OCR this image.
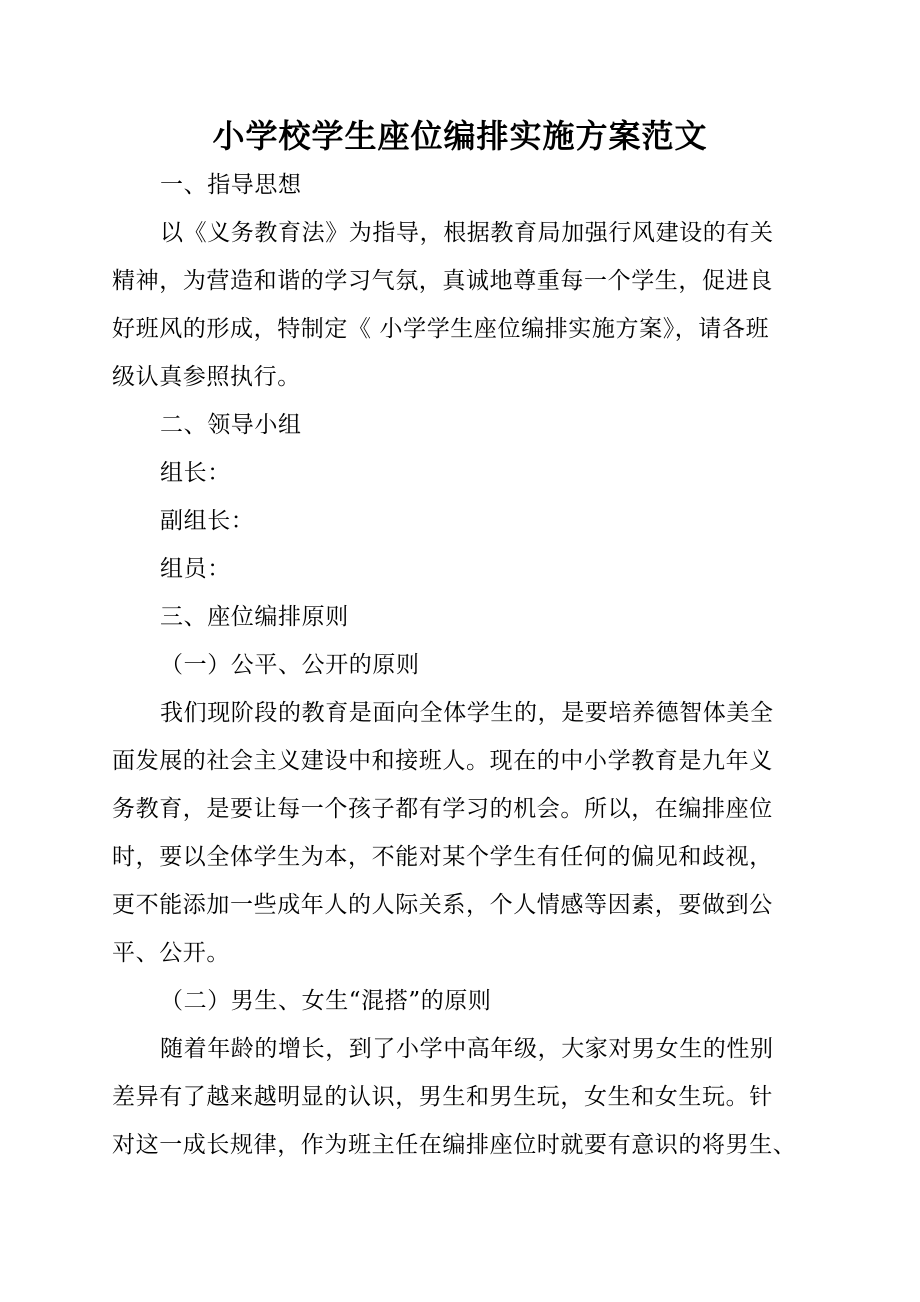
小学校学生座位编排实施方案范文
一、指导思想
以《义务教育法》为指导，根据教育局加强行风建设的有关
精神，为营造和谐的学习气氛，真诚地尊重每一个学生，促进良
好班风的形成，特制定《 小学学生座位编排实施方案》，请各班
级认真参照执行。
二、领导小组
组长：
副组长：
组员：
三、座位编排原则
（一）公平、公开的原则
我们现阶段的教育是面向全体学生的，是要培养德智体美全
面发展的社会主义建设中和接班人。现在的中小学教育是九年义
务教育，是要让每一个孩子都有学习的机会。所以，在编排座位
时，要以全体学生为本，不能对某个学生有任何的偏见和歧视，
更不能添加一些成年人的人际关系，个人情感等因素，要做到公
平、公开。
（二）男生、女生“混搭”的原则
随着年龄的增长，到了小学中高年级，大家对男女生的性别
差异有了越来越明显的认识，男生和男生玩，女生和女生玩。针
对这一成长规律，作为班主任在编排座位时就要有意识的将男生、
